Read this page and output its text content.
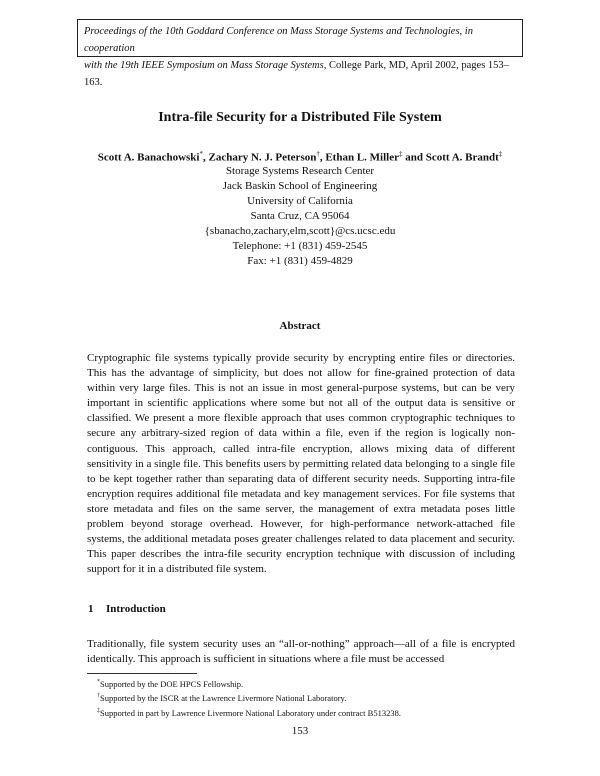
Proceedings of the 10th Goddard Conference on Mass Storage Systems and Technologies, in cooperation
with the 19th IEEE Symposium on Mass Storage Systems, College Park, MD, April 2002, pages 153–163.
Intra-file Security for a Distributed File System
Scott A. Banachowski*, Zachary N. J. Peterson†, Ethan L. Miller‡ and Scott A. Brandt‡
Storage Systems Research Center
Jack Baskin School of Engineering
University of California
Santa Cruz, CA 95064
{sbanacho,zachary,elm,scott}@cs.ucsc.edu
Telephone: +1 (831) 459-2545
Fax: +1 (831) 459-4829
Abstract
Cryptographic file systems typically provide security by encrypting entire files or directories. This has the advantage of simplicity, but does not allow for fine-grained protection of data within very large files. This is not an issue in most general-purpose systems, but can be very important in scientific applications where some but not all of the output data is sensitive or classified. We present a more flexible approach that uses common cryptographic techniques to secure any arbitrary-sized region of data within a file, even if the region is logically non-contiguous. This approach, called intra-file encryption, allows mixing data of different sensitivity in a single file. This benefits users by permitting related data belonging to a single file to be kept together rather than separating data of different security needs. Supporting intra-file encryption requires additional file metadata and key management services. For file systems that store metadata and files on the same server, the management of extra metadata poses little problem beyond storage overhead. However, for high-performance network-attached file systems, the additional metadata poses greater challenges related to data placement and security. This paper describes the intra-file security encryption technique with discussion of including support for it in a distributed file system.
1 Introduction
Traditionally, file system security uses an “all-or-nothing” approach—all of a file is encrypted identically. This approach is sufficient in situations where a file must be accessed
*Supported by the DOE HPCS Fellowship.
†Supported by the ISCR at the Lawrence Livermore National Laboratory.
‡Supported in part by Lawrence Livermore National Laboratory under contract B513238.
153
